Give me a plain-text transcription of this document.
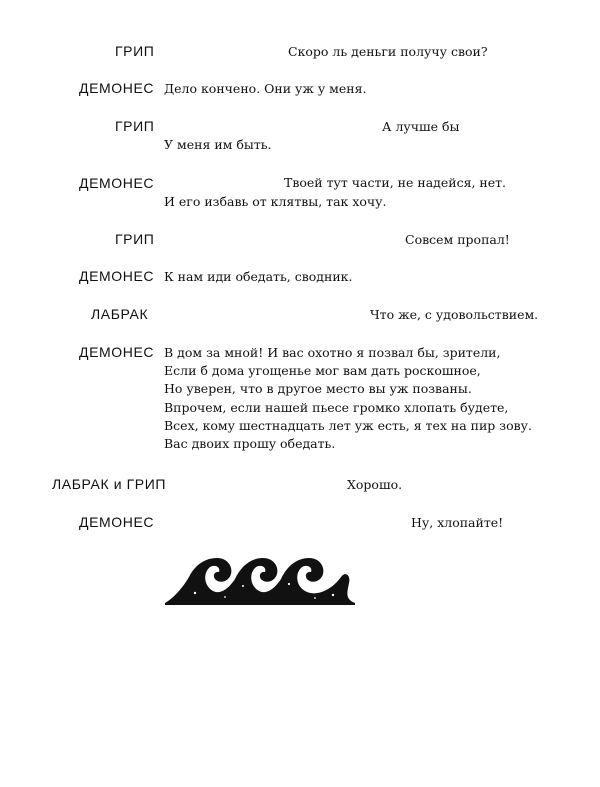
ГРИП	Скоро ль деньги получу свои?
ДЕМОНЕС Дело кончено. Они уж у меня.
ГРИП	А лучше бы
У меня им быть.
ДЕМОНЕС	Твоей тут части, не надейся, нет.
И его избавь от клятвы, так хочу.
ГРИП	Совсем пропал!
ДЕМОНЕС К нам иди обедать, сводник.
ЛАБРАК	Что же, с удовольствием.
ДЕМОНЕС В дом за мной! И вас охотно я позвал бы, зрители,
Если б дома угощенье мог вам дать роскошное,
Но уверен, что в другое место вы уж позваны.
Впрочем, если нашей пьесе громко хлопать будете,
Всех, кому шестнадцать лет уж есть, я тех на пир зову.
Вас двоих прошу обедать.
ЛАБРАК и ГРИП	Хорошо.
ДЕМОНЕС	Ну, хлопайте!
